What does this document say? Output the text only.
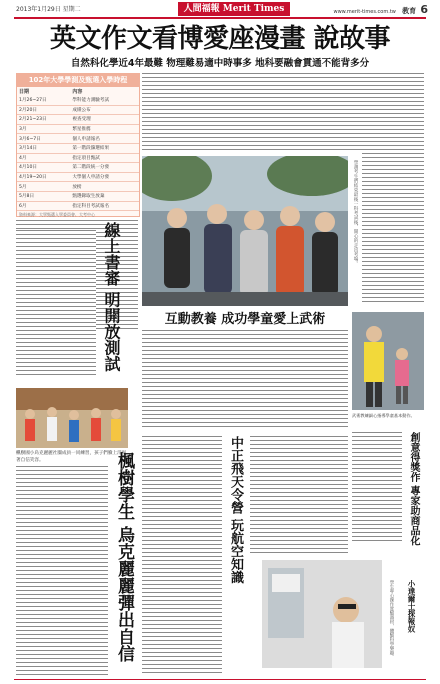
2013年1月29日 星期二	人間福報 Merit Times	www.merit-times.com.tw 教育 6
英文作文看博愛座漫畫 說故事
自然科化學近4年最難 物理難易適中時事多 地科要融會貫通不能背多分
102年大學學測及甄選入學時程
日期	內容
1月26~27日	學科能力測驗考試
2月20日	成績公布
2月21~23日	複查受理
3月	繁星推薦
3月6~7日	個人申請報名
3月14日	第一階段篩選結果
4月	指定項目甄試
4月10日	第二階段統一分發
4月19~20日	大學個人申請分發
5月	放榜
5月8日	甄選錄取生放棄
6月	指定科目考試報名
資料來源：大學甄選入學委員會、大考中心	學測考生們結束最後一科考試後，開心的走出考場。
線上書審 明開放測試
楓樹國小烏克麗麗社團成員一同練習，孩子們臉上洋溢著自信笑容。	楓樹學生 烏克麗麗彈出自信
互動教養 成功學童愛上武術
武術教練細心指導學童基本動作。
創意得獎作 專家助商品化
中正飛天令營 玩航空知識
小達爾士探報奴
學生專心操作實驗器材，體驗科學樂趣。
